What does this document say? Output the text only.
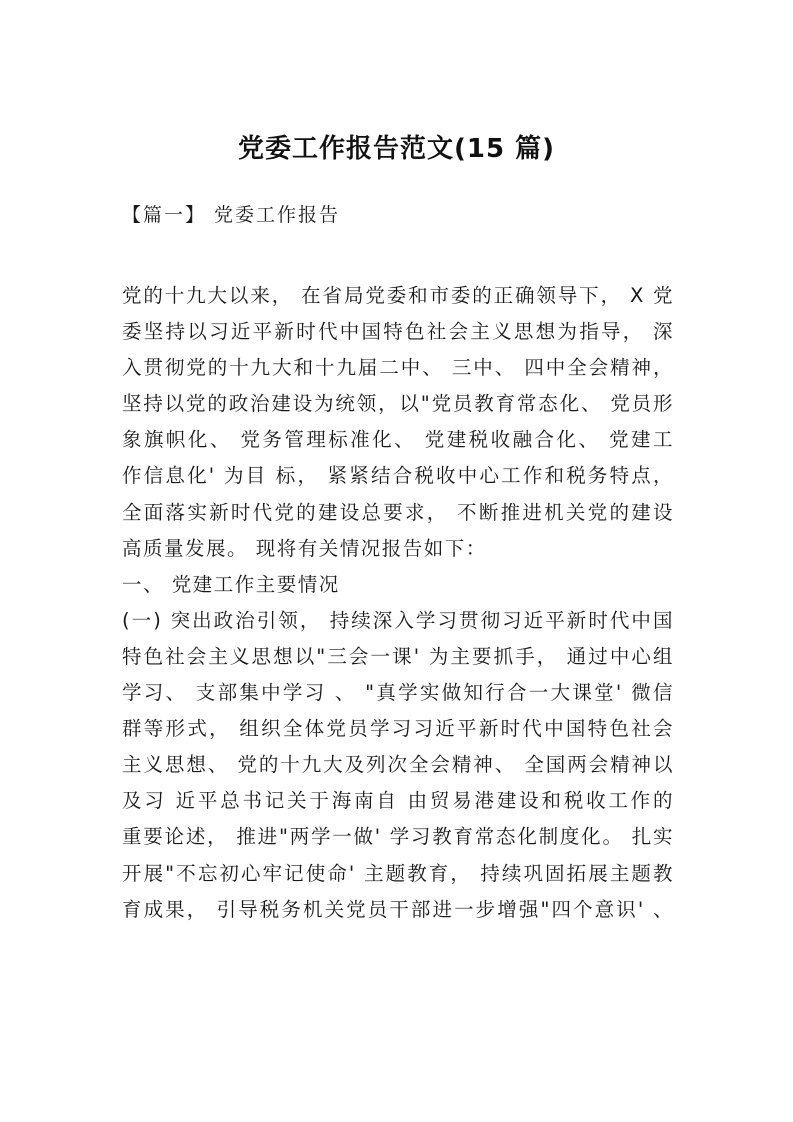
党委工作报告范文(15 篇)
【篇一】 党委工作报告
党的十九大以来， 在省局党委和市委的正确领导下， X 党
委坚持以习近平新时代中国特色社会主义思想为指导， 深
入贯彻党的十九大和十九届二中、 三中、 四中全会精神，
坚持以党的政治建设为统领，以"党员教育常态化、 党员形
象旗帜化、 党务管理标准化、 党建税收融合化、 党建工
作信息化' 为目 标， 紧紧结合税收中心工作和税务特点，
全面落实新时代党的建设总要求， 不断推进机关党的建设
高质量发展。 现将有关情况报告如下：
一、 党建工作主要情况
(一) 突出政治引领， 持续深入学习贯彻习近平新时代中国
特色社会主义思想以"三会一课' 为主要抓手， 通过中心组
学习、 支部集中学习 、 "真学实做知行合一大课堂' 微信
群等形式， 组织全体党员学习习近平新时代中国特色社会
主义思想、 党的十九大及列次全会精神、 全国两会精神以
及习 近平总书记关于海南自 由贸易港建设和税收工作的
重要论述， 推进"两学一做' 学习教育常态化制度化。 扎实
开展"不忘初心牢记使命' 主题教育， 持续巩固拓展主题教
育成果， 引导税务机关党员干部进一步增强"四个意识' 、
